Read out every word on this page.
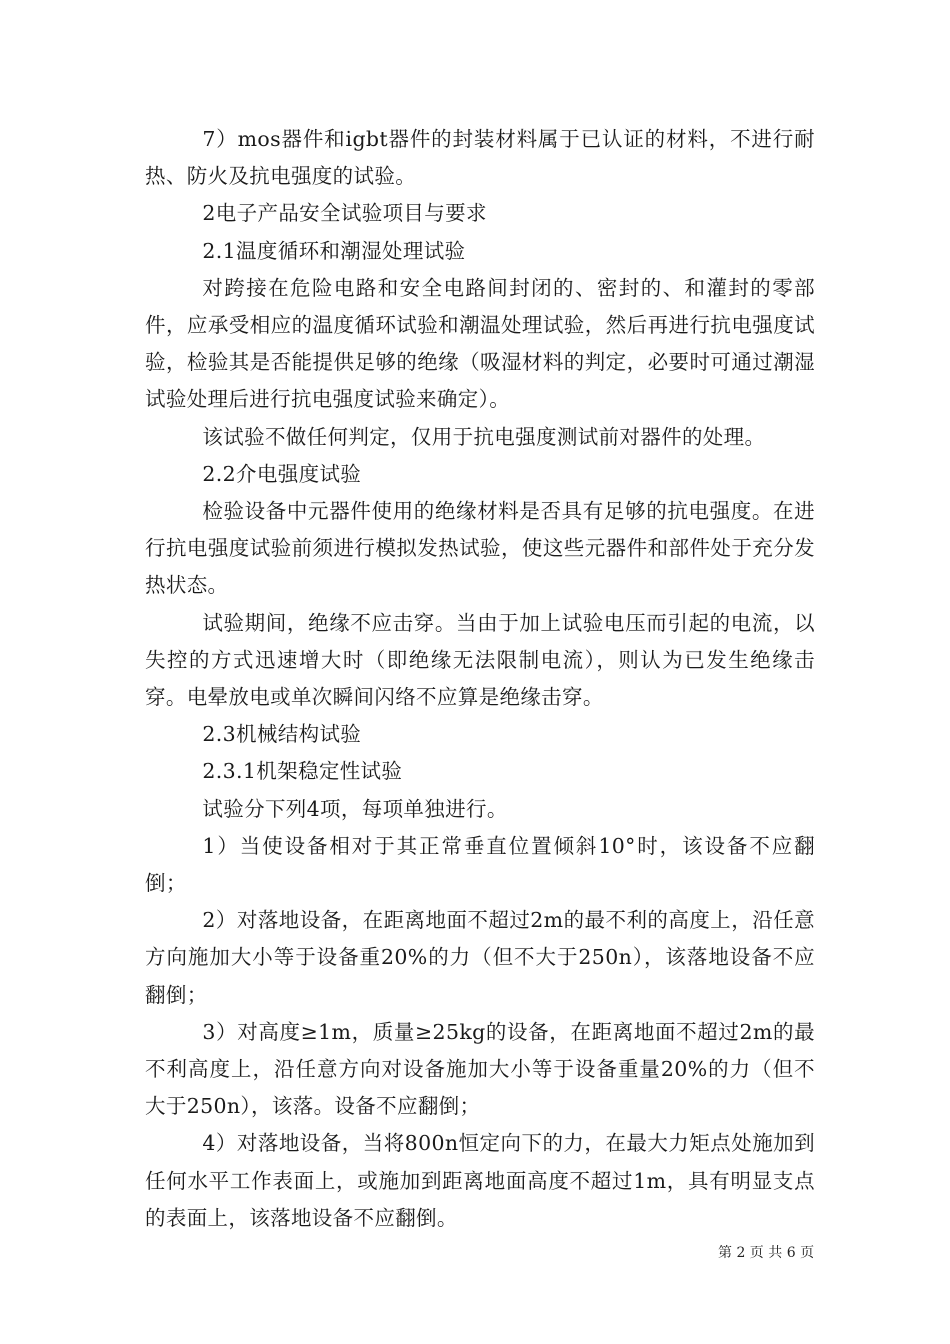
7）mos器件和igbt器件的封装材料属于已认证的材料，不进行耐热、防火及抗电强度的试验。

2电子产品安全试验项目与要求

2.1温度循环和潮湿处理试验

对跨接在危险电路和安全电路间封闭的、密封的、和灌封的零部件，应承受相应的温度循环试验和潮温处理试验，然后再进行抗电强度试验，检验其是否能提供足够的绝缘（吸湿材料的判定，必要时可通过潮湿试验处理后进行抗电强度试验来确定）。

该试验不做任何判定，仅用于抗电强度测试前对器件的处理。

2.2介电强度试验

检验设备中元器件使用的绝缘材料是否具有足够的抗电强度。在进行抗电强度试验前须进行模拟发热试验，使这些元器件和部件处于充分发热状态。

试验期间，绝缘不应击穿。当由于加上试验电压而引起的电流，以失控的方式迅速增大时（即绝缘无法限制电流），则认为已发生绝缘击穿。电晕放电或单次瞬间闪络不应算是绝缘击穿。

2.3机械结构试验

2.3.1机架稳定性试验

试验分下列4项，每项单独进行。

1）当使设备相对于其正常垂直位置倾斜10°时，该设备不应翻倒；

2）对落地设备，在距离地面不超过2m的最不利的高度上，沿任意方向施加大小等于设备重20%的力（但不大于250n），该落地设备不应翻倒；

3）对高度≥1m，质量≥25kg的设备，在距离地面不超过2m的最不利高度上，沿任意方向对设备施加大小等于设备重量20%的力（但不大于250n），该落。设备不应翻倒；

4）对落地设备，当将800n恒定向下的力，在最大力矩点处施加到任何水平工作表面上，或施加到距离地面高度不超过1m，具有明显支点的表面上，该落地设备不应翻倒。

第 2 页 共 6 页
